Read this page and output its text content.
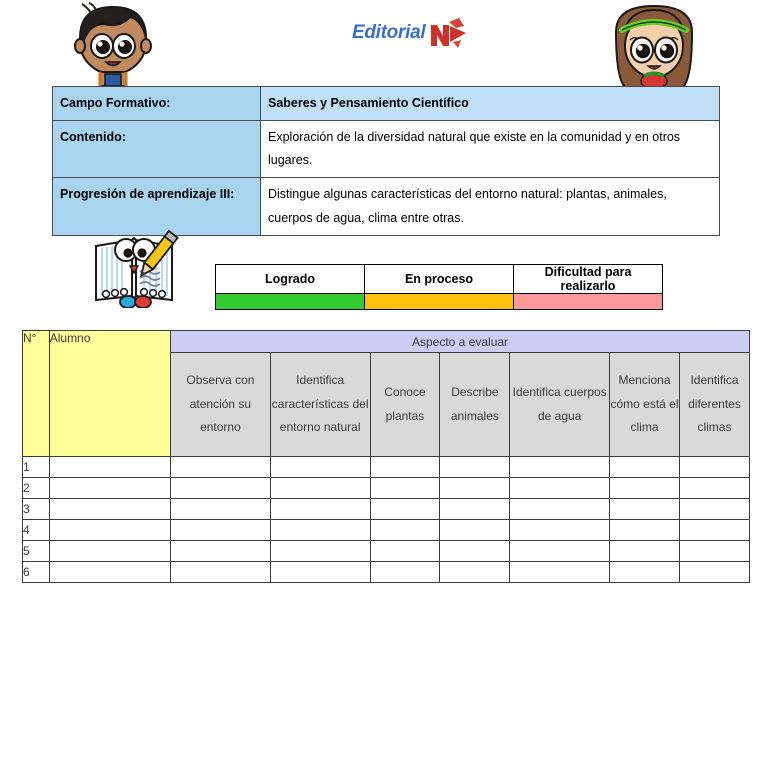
Editorial
Campo Formativo:	Saberes y Pensamiento Científico
Contenido:	Exploración de la diversidad natural que existe en la comunidad y en otros lugares.
Progresión de aprendizaje III:	Distingue algunas características del entorno natural: plantas, animales, cuerpos de agua, clima entre otras.
Logrado	En proceso	Dificultad para realizarlo

N°	Alumno	Aspecto a evaluar						
		Observa con atención su entorno	Identifica características del entorno natural	Conoce plantas	Describe animales	Identifica cuerpos de agua	Menciona cómo está el clima	Identifica diferentes climas
1								
2								
3								
4								
5								
6								
